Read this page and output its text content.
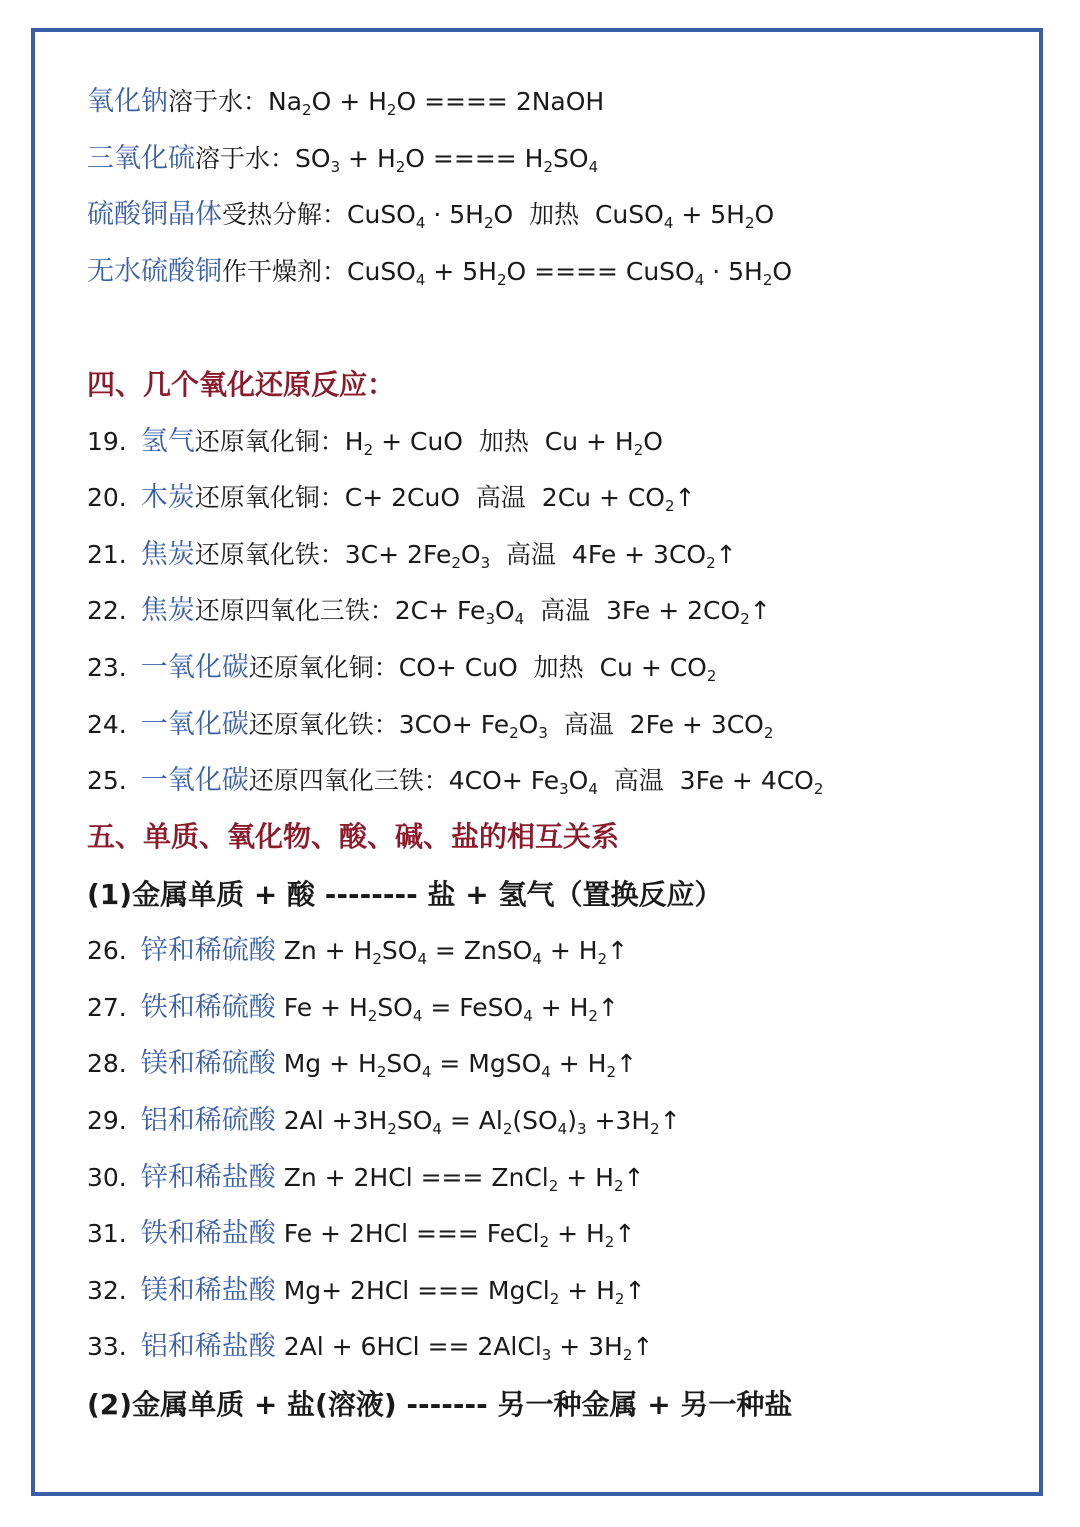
氧化钠溶于水：$Na_2O + H_2O$ ==== 2NaOH
三氧化硫溶于水：$SO_3 + H_2O$ ==== $H_2SO_4$
硫酸铜晶体受热分解：CuSO$_4$ · $5H_2O$  加热  CuSO$_4$ + $5H_2O$
无水硫酸铜作干燥剂：CuSO$_4$ + $5H_2O$ ==== CuSO$_4$ · $5H_2O$
四、几个氧化还原反应：
19. 氢气还原氧化铜：$H_2$ + CuO  加热  $Cu + H_2O$
20. 木炭还原氧化铜：C+ 2CuO  高温  $2Cu + CO_2↑$
21. 焦炭还原氧化铁：$3C+ 2Fe_2O_3$  高温  $4Fe + 3CO_2↑$
22. 焦炭还原四氧化三铁：$2C+ Fe_3O_4$  高温  $3Fe + 2CO_2↑$
23. 一氧化碳还原氧化铜：CO+ CuO  加热  $Cu + CO_2$
24. 一氧化碳还原氧化铁：$3CO+ Fe_2O_3$  高温  $2Fe + 3CO_2$
25. 一氧化碳还原四氧化三铁：$4CO+ Fe_3O_4$  高温  $3Fe + 4CO_2$
五、单质、氧化物、酸、碱、盐的相互关系
(1)金属单质 + 酸 -------- 盐 + 氢气（置换反应）
26. 锌和稀硫酸 $Zn + H_2SO_4$ = ZnSO$_4$ + $H_2↑$
27. 铁和稀硫酸 $Fe + H_2SO_4$ = FeSO$_4$ + $H_2↑$
28. 镁和稀硫酸 $Mg + H_2SO_4$ = MgSO$_4$ + $H_2↑$
29. 铝和稀硫酸 $2Al +3H_2SO_4 = Al_2(SO_4)_3$ $+3H_2↑$
30. 锌和稀盐酸 Zn + 2HCl === ZnCl$_2$ + $H_2↑$
31. 铁和稀盐酸 Fe + 2HCl === FeCl$_2$ + $H_2↑$
32. 镁和稀盐酸 Mg+ 2HCl === MgCl$_2$ + $H_2↑$
33. 铝和稀盐酸 2Al + 6HCl == 2AlCl$_3$ + $3H_2↑$
(2)金属单质 + 盐(溶液) ------- 另一种金属 + 另一种盐
